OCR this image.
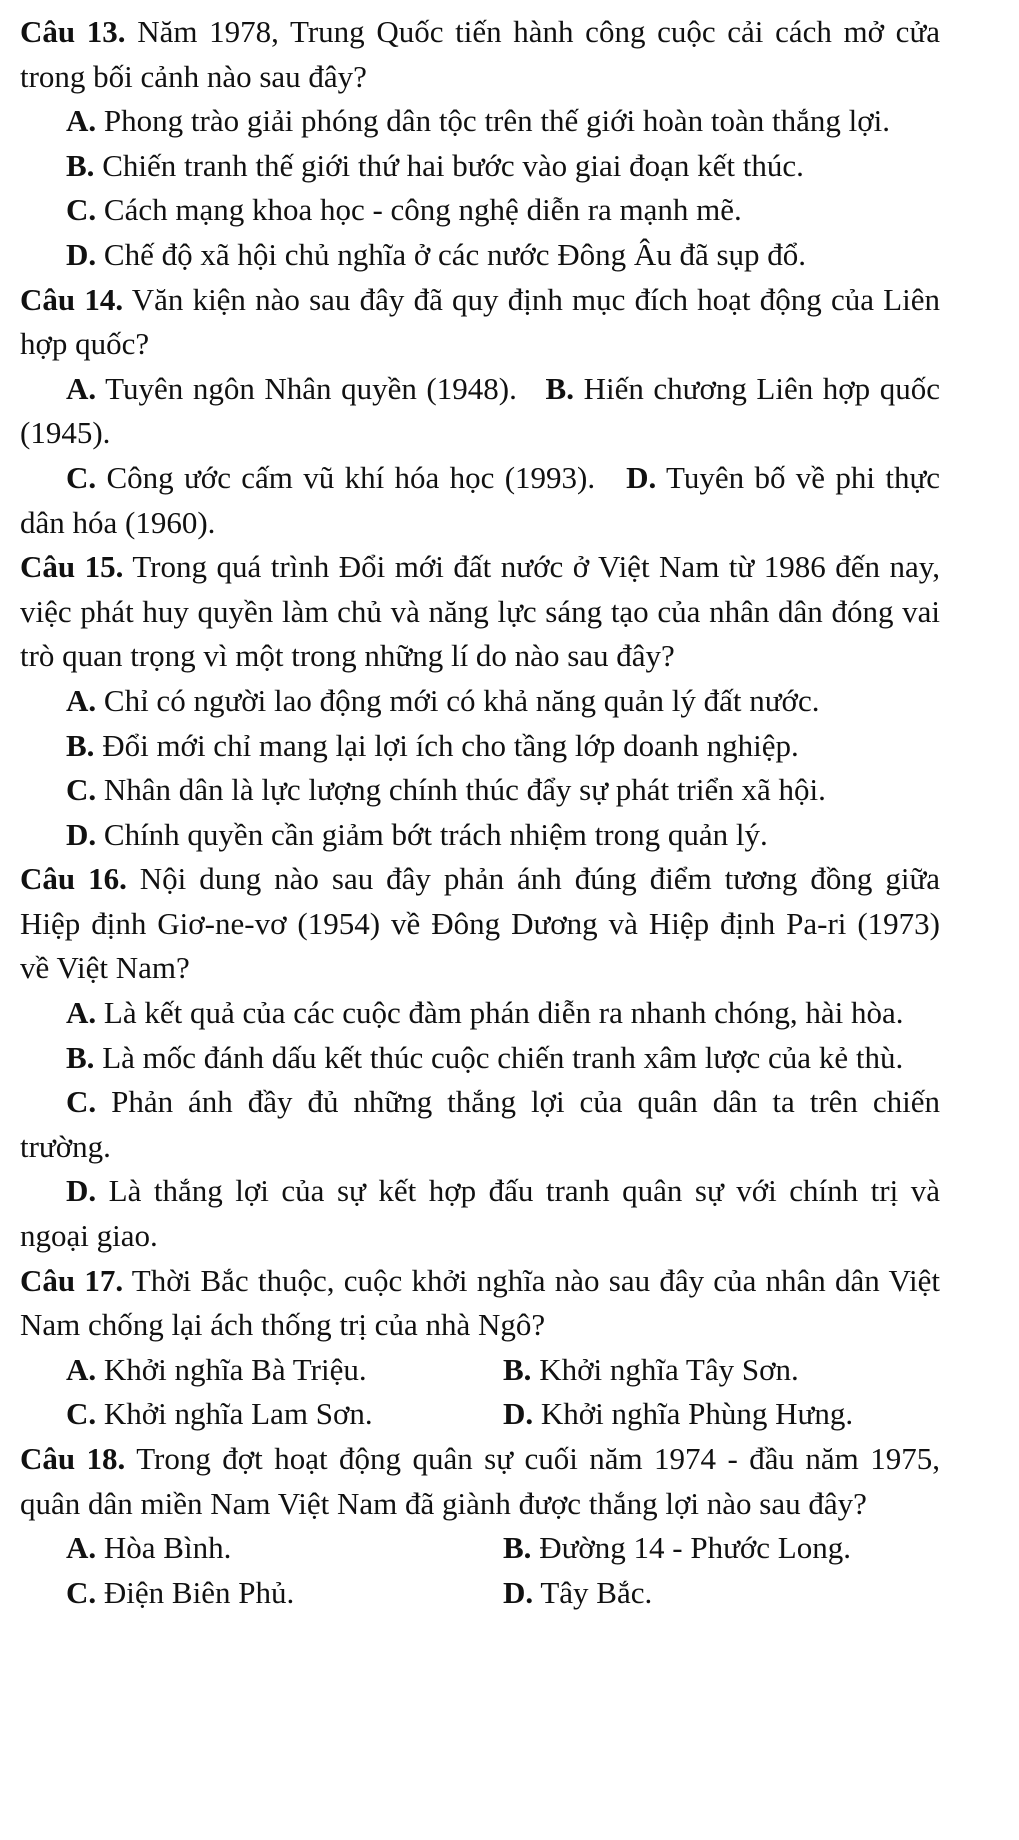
Câu 13. Năm 1978, Trung Quốc tiến hành công cuộc cải cách mở cửa trong bối cảnh nào sau đây?

A. Phong trào giải phóng dân tộc trên thế giới hoàn toàn thắng lợi.

B. Chiến tranh thế giới thứ hai bước vào giai đoạn kết thúc.

C. Cách mạng khoa học - công nghệ diễn ra mạnh mẽ.

D. Chế độ xã hội chủ nghĩa ở các nước Đông Âu đã sụp đổ.

Câu 14. Văn kiện nào sau đây đã quy định mục đích hoạt động của Liên hợp quốc?

A. Tuyên ngôn Nhân quyền (1948). B. Hiến chương Liên hợp quốc (1945).

C. Công ước cấm vũ khí hóa học (1993). D. Tuyên bố về phi thực dân hóa (1960).

Câu 15. Trong quá trình Đổi mới đất nước ở Việt Nam từ 1986 đến nay, việc phát huy quyền làm chủ và năng lực sáng tạo của nhân dân đóng vai trò quan trọng vì một trong những lí do nào sau đây?

A. Chỉ có người lao động mới có khả năng quản lý đất nước.

B. Đổi mới chỉ mang lại lợi ích cho tầng lớp doanh nghiệp.

C. Nhân dân là lực lượng chính thúc đẩy sự phát triển xã hội.

D. Chính quyền cần giảm bớt trách nhiệm trong quản lý.

Câu 16. Nội dung nào sau đây phản ánh đúng điểm tương đồng giữa Hiệp định Giơ-ne-vơ (1954) về Đông Dương và Hiệp định Pa-ri (1973) về Việt Nam?

A. Là kết quả của các cuộc đàm phán diễn ra nhanh chóng, hài hòa.

B. Là mốc đánh dấu kết thúc cuộc chiến tranh xâm lược của kẻ thù.

C. Phản ánh đầy đủ những thắng lợi của quân dân ta trên chiến trường.

D. Là thắng lợi của sự kết hợp đấu tranh quân sự với chính trị và ngoại giao.

Câu 17. Thời Bắc thuộc, cuộc khởi nghĩa nào sau đây của nhân dân Việt Nam chống lại ách thống trị của nhà Ngô?

A. Khởi nghĩa Bà Triệu.	B. Khởi nghĩa Tây Sơn.
C. Khởi nghĩa Lam Sơn.	D. Khởi nghĩa Phùng Hưng.

Câu 18. Trong đợt hoạt động quân sự cuối năm 1974 - đầu năm 1975, quân dân miền Nam Việt Nam đã giành được thắng lợi nào sau đây?

A. Hòa Bình.	B. Đường 14 - Phước Long.
C. Điện Biên Phủ.	D. Tây Bắc.
